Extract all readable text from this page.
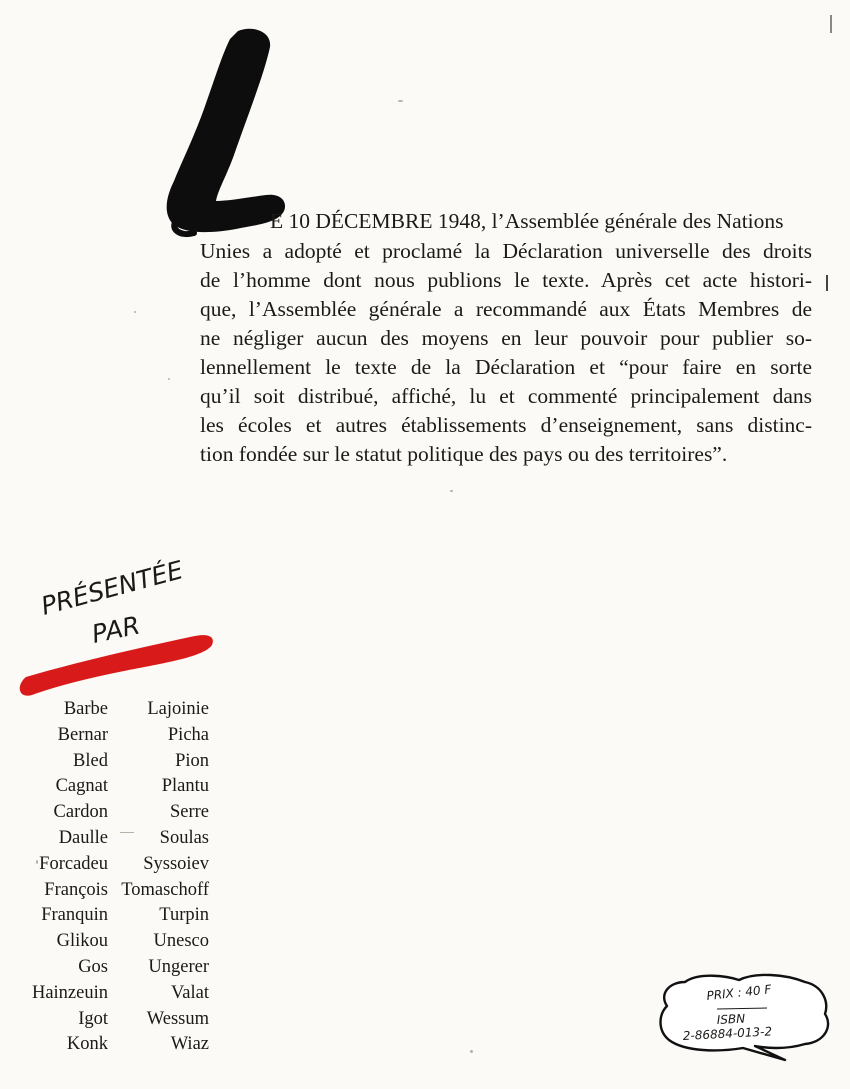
E 10 DÉCEMBRE 1948, l’Assemblée générale des Nations
Unies a adopté et proclamé la Déclaration universelle des droits
de l’homme dont nous publions le texte. Après cet acte histori-
que, l’Assemblée générale a recommandé aux États Membres de
ne négliger aucun des moyens en leur pouvoir pour publier so-
lennellement le texte de la Déclaration et “pour faire en sorte
qu’il soit distribué, affiché, lu et commenté principalement dans
les écoles et autres établissements d’enseignement, sans distinc-
tion fondée sur le statut politique des pays ou des territoires”.
PRÉSENTÉE
PAR
Barbe
Bernar
Bled
Cagnat
Cardon
Daulle
Forcadeu
François
Franquin
Glikou
Gos
Hainzeuin
Igot
Konk
Lajoinie
Picha
Pion
Plantu
Serre
Soulas
Syssoiev
Tomaschoff
Turpin
Unesco
Ungerer
Valat
Wessum
Wiaz
PRIX : 40 F
ISBN
2-86884-013-2
